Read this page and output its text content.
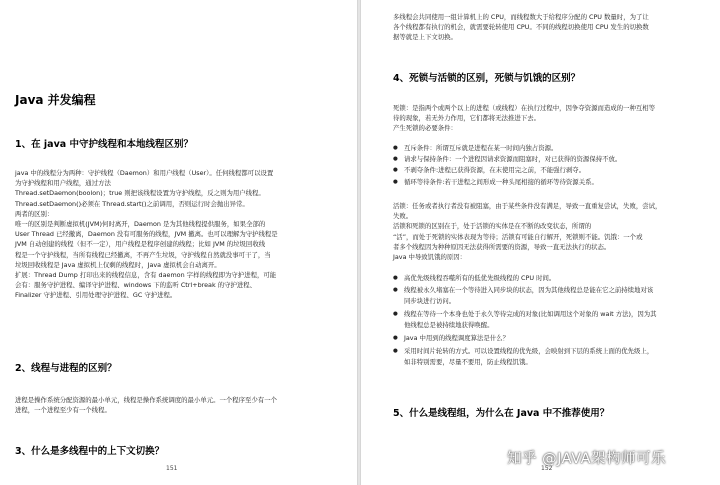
Java 并发编程
1、在 java 中守护线程和本地线程区别？
java 中的线程分为两种：守护线程（Daemon）和用户线程（User）。任何线程都可以设置
为守护线程和用户线程，通过方法
Thread.setDaemon(boolon)；true 则把该线程设置为守护线程，反之则为用户线程。
Thread.setDaemon()必须在 Thread.start()之前调用，否则运行时会抛出异常。
两者的区别：
唯一的区别是判断虚拟机(JVM)何时离开，Daemon 是为其他线程提供服务，如果全部的
User Thread 已经撤离，Daemon 没有可服务的线程，JVM 撤离。也可以理解为守护线程是
JVM 自动创建的线程（但不一定），用户线程是程序创建的线程；比如 JVM 的垃圾回收线
程是一个守护线程，当所有线程已经撤离，不再产生垃圾，守护线程自然就没事可干了，当
垃圾回收线程是 Java 虚拟机上仅剩的线程时，Java 虚拟机会自动离开。
扩展：Thread Dump 打印出来的线程信息，含有 daemon 字样的线程即为守护进程，可能
会有：服务守护进程、编译守护进程、windows 下的监听 Ctrl+break 的守护进程、
Finalizer 守护进程、引用处理守护进程、GC 守护进程。
2、线程与进程的区别？
进程是操作系统分配资源的最小单元，线程是操作系统调度的最小单元。一个程序至少有一个
进程，一个进程至少有一个线程。
3、什么是多线程中的上下文切换？
151
多线程会共同使用一组计算机上的 CPU，而线程数大于给程序分配的 CPU 数量时，为了让
各个线程都有执行的机会，就需要轮转使用 CPU。不同的线程切换使用 CPU 发生的切换数
据等就是上下文切换。
4、死锁与活锁的区别，死锁与饥饿的区别？
死锁：是指两个或两个以上的进程（或线程）在执行过程中，因争夺资源而造成的一种互相等
待的现象，若无外力作用，它们都将无法推进下去。
产生死锁的必要条件：
● 互斥条件：所谓互斥就是进程在某一时间内独占资源。
● 请求与保持条件：一个进程因请求资源而阻塞时，对已获得的资源保持不放。
● 不剥夺条件:进程已获得资源，在末使用完之前，不能强行剥夺。
● 循环等待条件:若干进程之间形成一种头尾相接的循环等待资源关系。
活锁：任务或者执行者没有被阻塞，由于某些条件没有满足，导致一直重复尝试，失败，尝试，
失败。
活锁和死锁的区别在于，处于活锁的实体是在不断的改变状态，所谓的
“活”，而处于死锁的实体表现为等待；活锁有可能自行解开，死锁则不能。饥饿：一个或
者多个线程因为种种原因无法获得所需要的资源，导致一直无法执行的状态。
Java 中导致饥饿的原因：
● 高优先级线程吞噬所有的低优先级线程的 CPU 时间。
● 线程被永久堵塞在一个等待进入同步块的状态，因为其他线程总是能在它之前持续地对该
同步块进行访问。
● 线程在等待一个本身也处于永久等待完成的对象(比如调用这个对象的 wait 方法)，因为其
他线程总是被持续地获得唤醒。
● Java 中用到的线程调度算法是什么？
● 采用时间片轮转的方式。可以设置线程的优先级，会映射到下层的系统上面的优先级上，
如非特别需要，尽量不要用，防止线程饥饿。
5、什么是线程组，为什么在 Java 中不推荐使用？
152
知乎 @JAVA架构师可乐
